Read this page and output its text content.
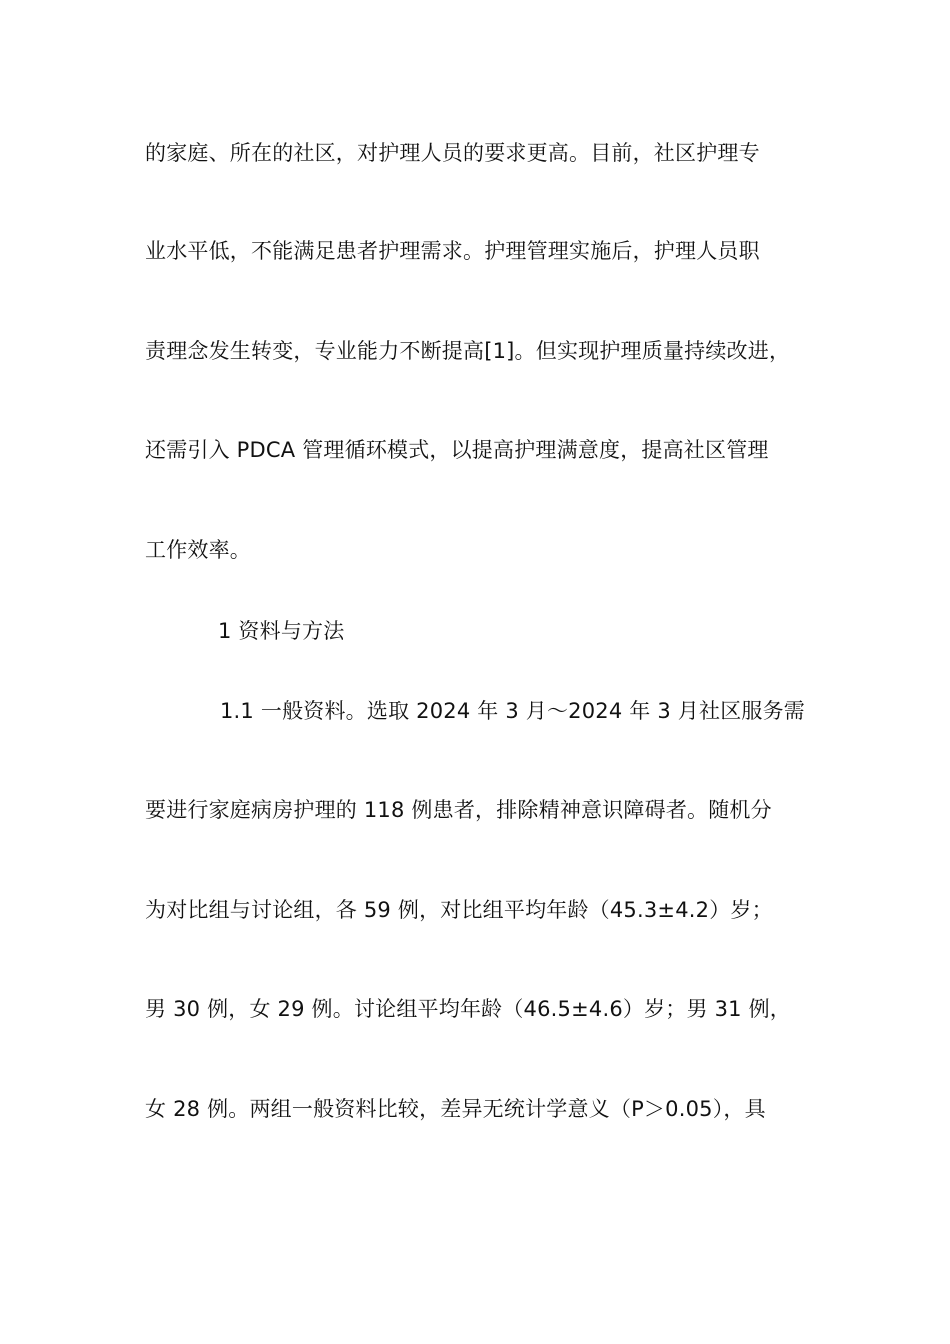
的家庭、所在的社区，对护理人员的要求更高。目前，社区护理专
业水平低，不能满足患者护理需求。护理管理实施后，护理人员职
责理念发生转变，专业能力不断提高[1]。但实现护理质量持续改进，
还需引入 PDCA 管理循环模式，以提高护理满意度，提高社区管理
工作效率。
1 资料与方法
1.1 一般资料。选取 2024 年 3 月～2024 年 3 月社区服务需
要进行家庭病房护理的 118 例患者，排除精神意识障碍者。随机分
为对比组与讨论组，各 59 例，对比组平均年龄（45.3±4.2）岁；
男 30 例，女 29 例。讨论组平均年龄（46.5±4.6）岁；男 31 例，
女 28 例。两组一般资料比较，差异无统计学意义（P＞0.05），具
